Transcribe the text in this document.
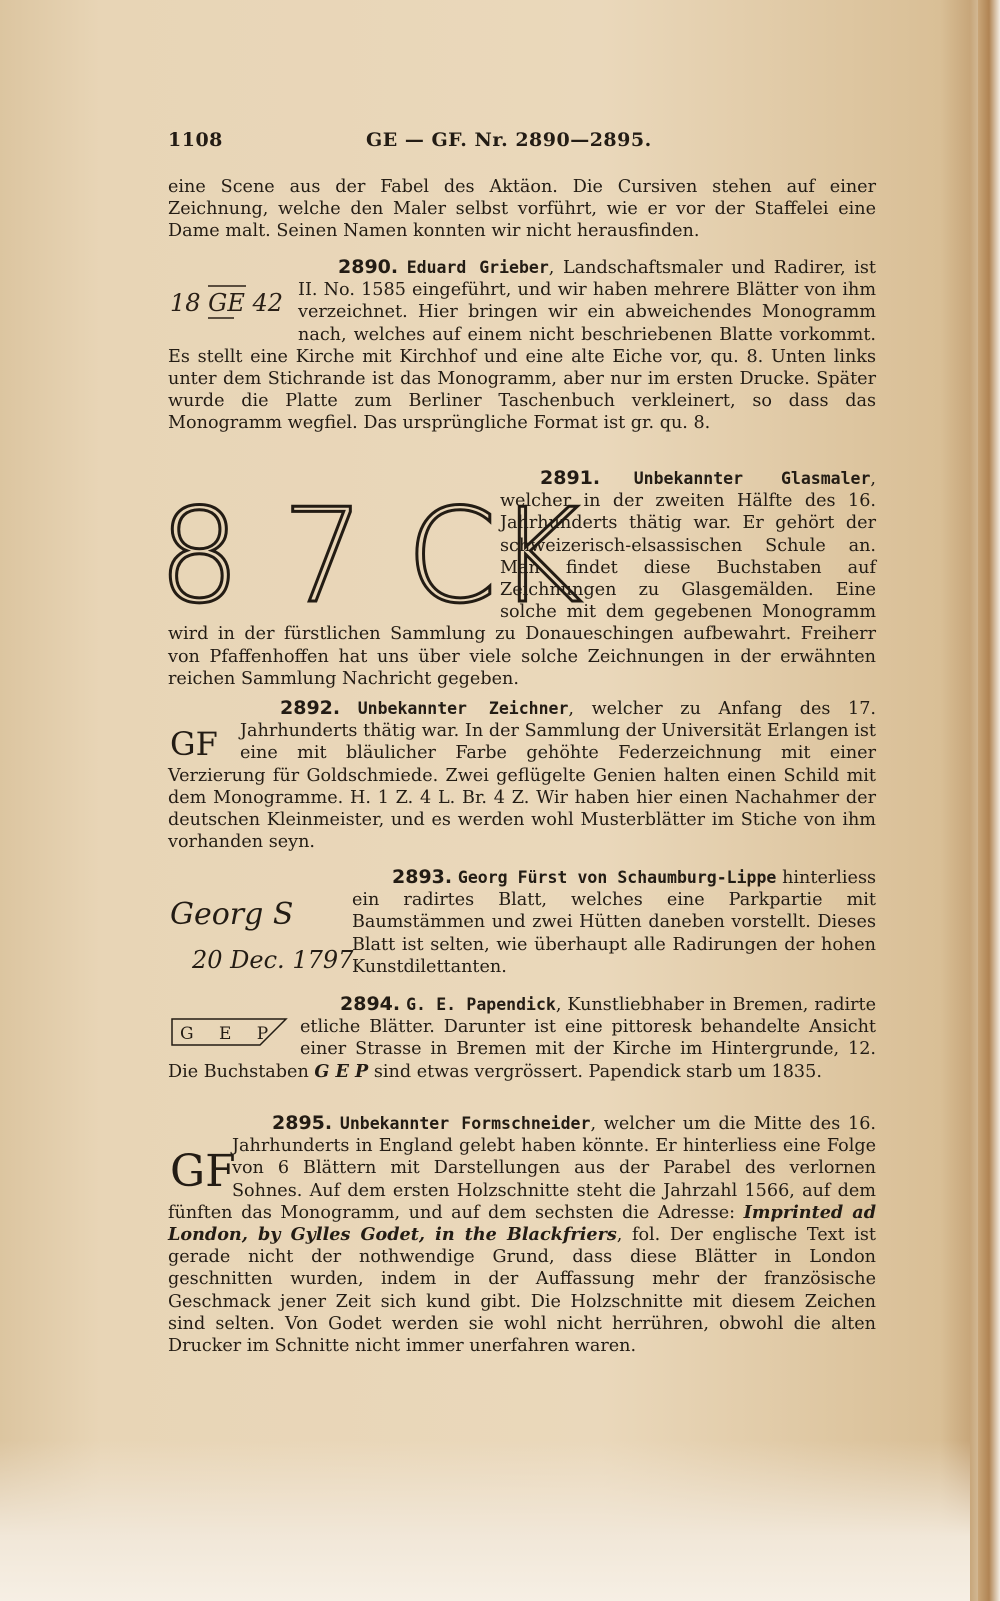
1108	GE — GF. Nr. 2890—2895.

eine Scene aus der Fabel des Aktäon. Die Cursiven stehen auf einer Zeichnung, welche den Maler selbst vorführt, wie er vor der Staffelei eine Dame malt. Seinen Namen konnten wir nicht herausfinden.

18 GE 42

2890. Eduard Grieber, Landschaftsmaler und Radirer, ist II. No. 1585 eingeführt, und wir haben mehrere Blätter von ihm verzeichnet. Hier bringen wir ein abweichendes Monogramm nach, welches auf einem nicht beschriebenen Blatte vorkommt. Es stellt eine Kirche mit Kirchhof und eine alte Eiche vor, qu. 8. Unten links unter dem Stichrande ist das Monogramm, aber nur im ersten Drucke. Später wurde die Platte zum Berliner Taschenbuch verkleinert, so dass das Monogramm wegfiel. Das ursprüngliche Format ist gr. qu. 8.

8 7 CK

2891. Unbekannter Glasmaler, welcher in der zweiten Hälfte des 16. Jahrhunderts thätig war. Er gehört der schweizerisch-elsassischen Schule an. Man findet diese Buchstaben auf Zeichnungen zu Glasgemälden. Eine solche mit dem gegebenen Monogramm wird in der fürstlichen Sammlung zu Donaueschingen aufbewahrt. Freiherr von Pfaffenhoffen hat uns über viele solche Zeichnungen in der erwähnten reichen Sammlung Nachricht gegeben.

GF

2892. Unbekannter Zeichner, welcher zu Anfang des 17. Jahrhunderts thätig war. In der Sammlung der Universität Erlangen ist eine mit bläulicher Farbe gehöhte Federzeichnung mit einer Verzierung für Goldschmiede. Zwei geflügelte Genien halten einen Schild mit dem Monogramme. H. 1 Z. 4 L. Br. 4 Z. Wir haben hier einen Nachahmer der deutschen Kleinmeister, und es werden wohl Musterblätter im Stiche von ihm vorhanden seyn.

Georg S
20 Dec. 1797

2893. Georg Fürst von Schaumburg-Lippe hinterliess ein radirtes Blatt, welches eine Parkpartie mit Baumstämmen und zwei Hütten daneben vorstellt. Dieses Blatt ist selten, wie überhaupt alle Radirungen der hohen Kunstdilettanten.

G E P

2894. G. E. Papendick, Kunstliebhaber in Bremen, radirte etliche Blätter. Darunter ist eine pittoresk behandelte Ansicht einer Strasse in Bremen mit der Kirche im Hintergrunde, 12. Die Buchstaben G E P sind etwas vergrössert. Papendick starb um 1835.

GF

2895. Unbekannter Formschneider, welcher um die Mitte des 16. Jahrhunderts in England gelebt haben könnte. Er hinterliess eine Folge von 6 Blättern mit Darstellungen aus der Parabel des verlornen Sohnes. Auf dem ersten Holzschnitte steht die Jahrzahl 1566, auf dem fünften das Monogramm, und auf dem sechsten die Adresse: Imprinted ad London, by Gylles Godet, in the Blackfriers, fol. Der englische Text ist gerade nicht der nothwendige Grund, dass diese Blätter in London geschnitten wurden, indem in der Auffassung mehr der französische Geschmack jener Zeit sich kund gibt. Die Holzschnitte mit diesem Zeichen sind selten. Von Godet werden sie wohl nicht herrühren, obwohl die alten Drucker im Schnitte nicht immer unerfahren waren.
